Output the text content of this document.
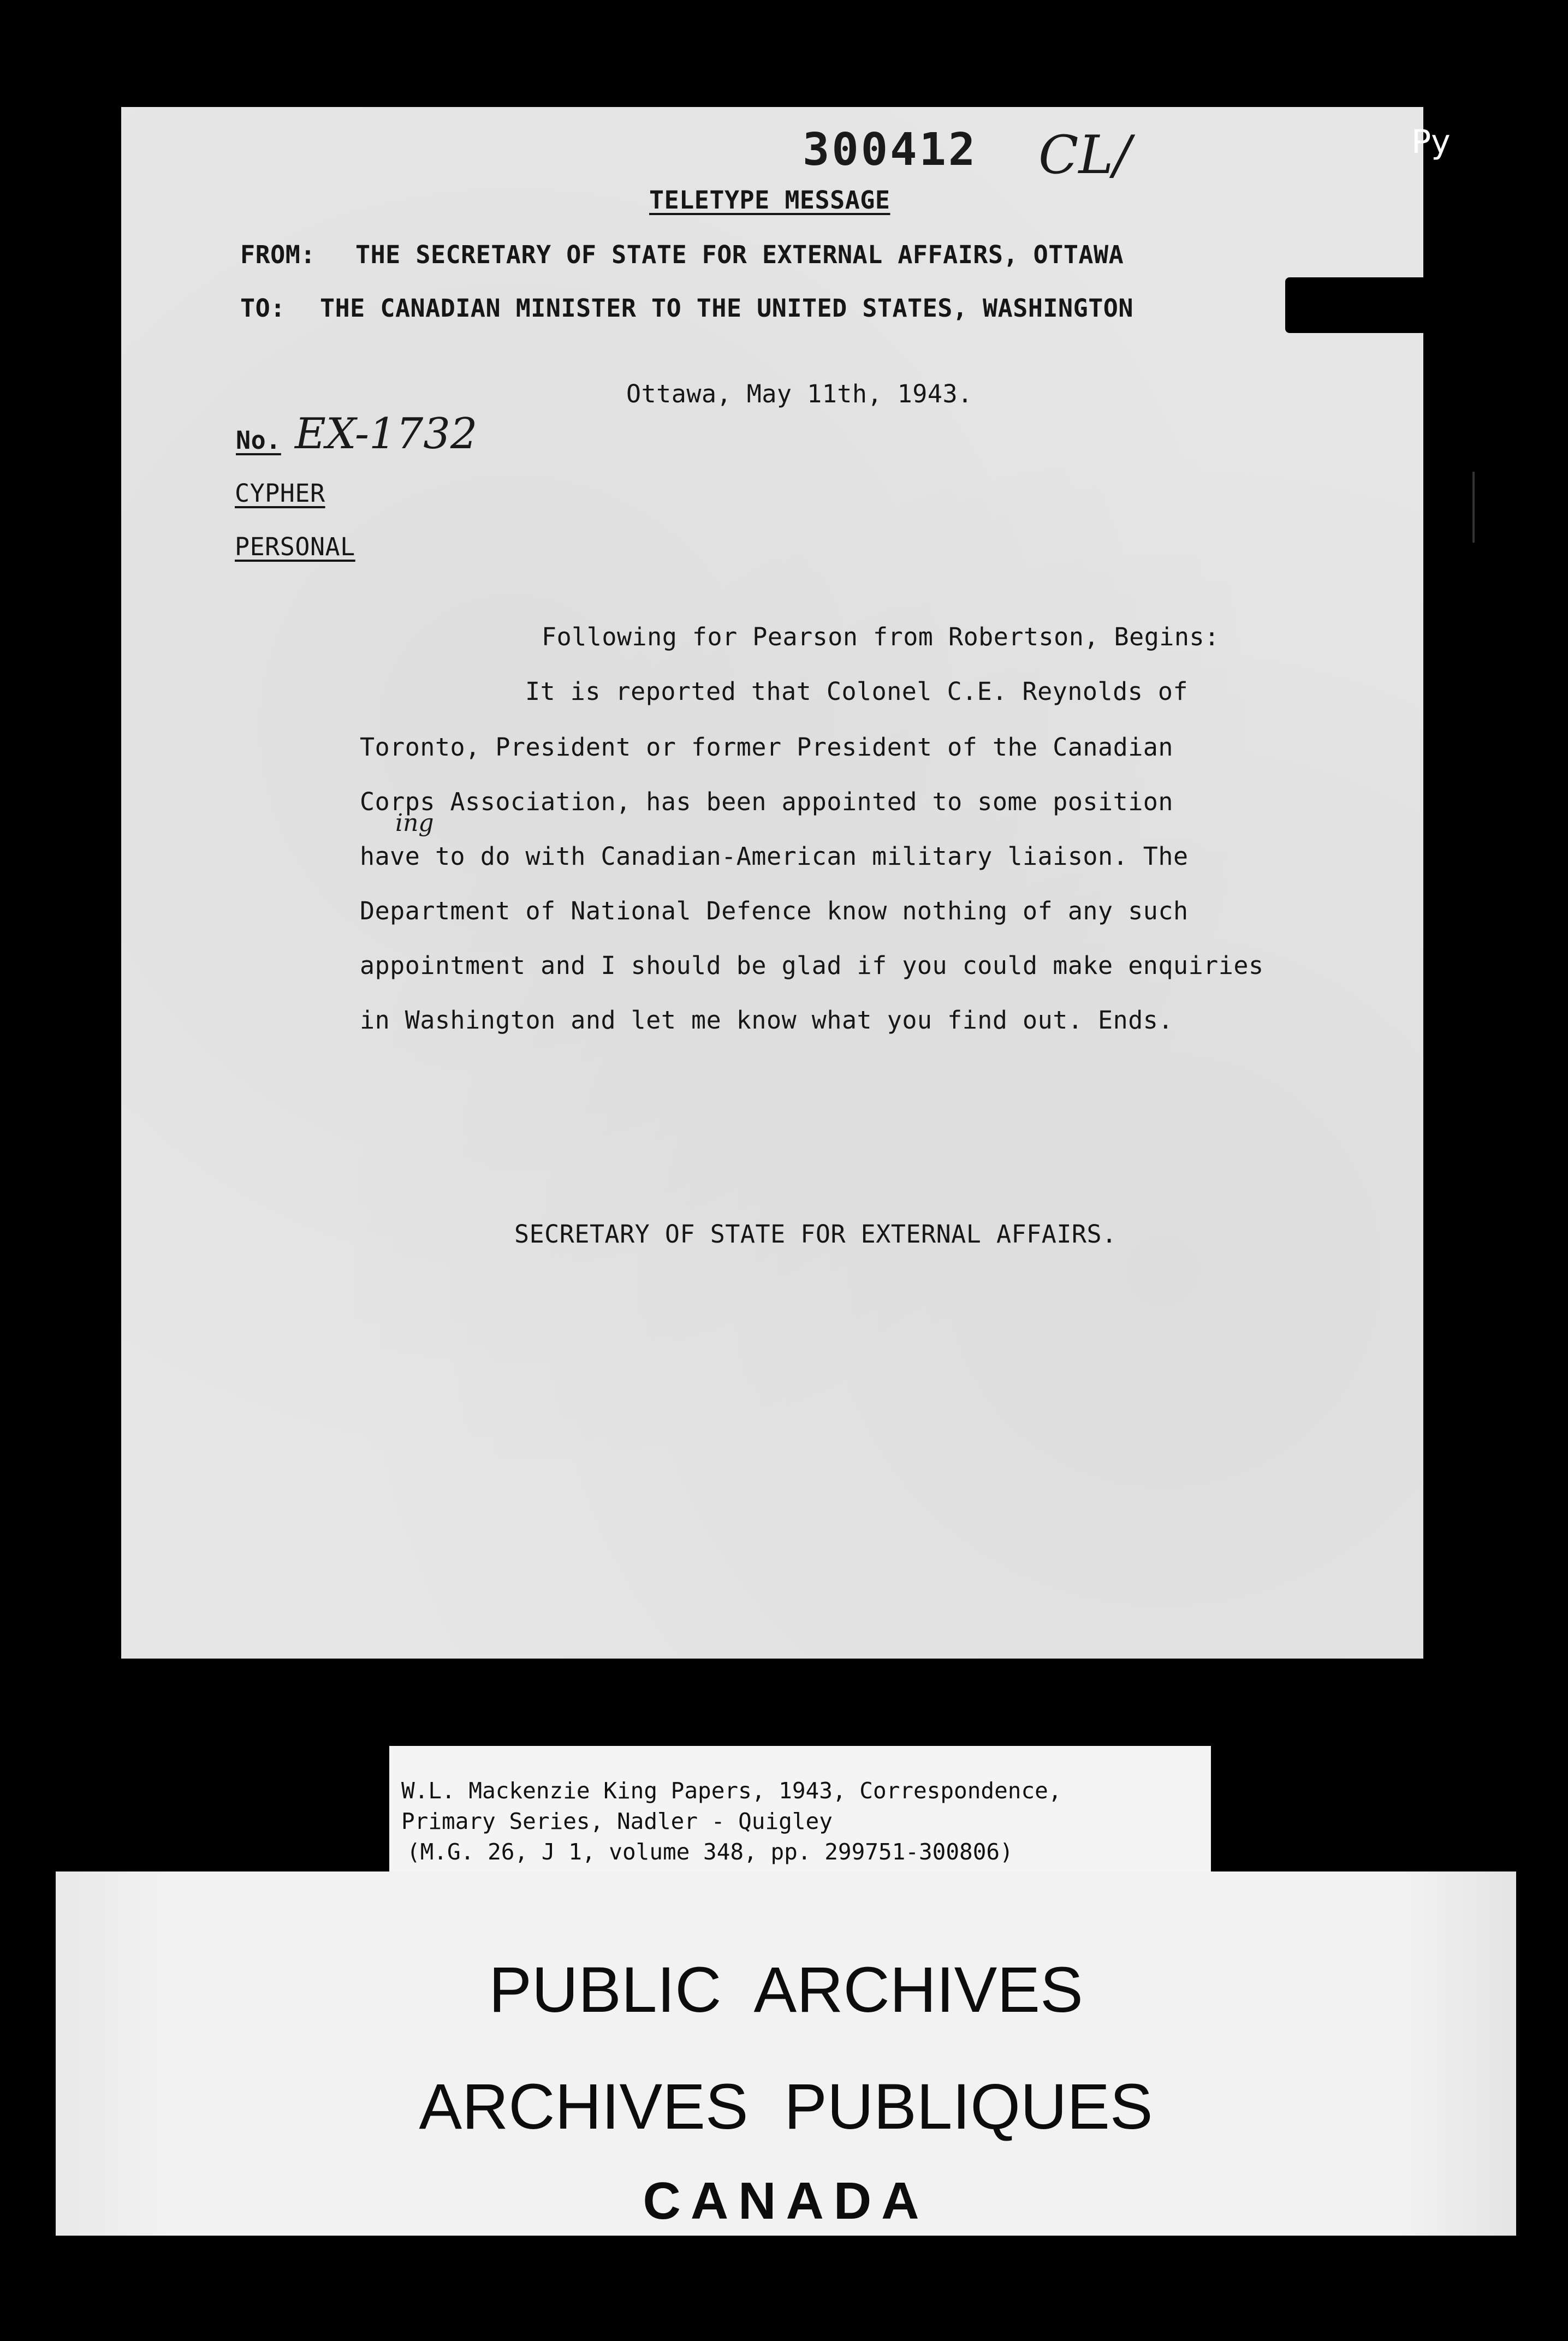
300412 CL/
TELETYPE MESSAGE
FROM: THE SECRETARY OF STATE FOR EXTERNAL AFFAIRS, OTTAWA
TO: THE CANADIAN MINISTER TO THE UNITED STATES, WASHINGTON
Ottawa, May 11th, 1943.
No. EX-1732
CYPHER
PERSONAL
Following for Pearson from Robertson, Begins:
It is reported that Colonel C.E. Reynolds of
Toronto, President or former President of the Canadian
Corps Association, has been appointed to some position
have to do with Canadian-American military liaison. The
ing
Department of National Defence know nothing of any such
appointment and I should be glad if you could make enquiries
in Washington and let me know what you find out. Ends.
SECRETARY OF STATE FOR EXTERNAL AFFAIRS.
Py
W.L. Mackenzie King Papers, 1943, Correspondence,
Primary Series, Nadler - Quigley
(M.G. 26, J 1, volume 348, pp. 299751-300806)
PUBLIC  ARCHIVES
ARCHIVES  PUBLIQUES
CANADA
